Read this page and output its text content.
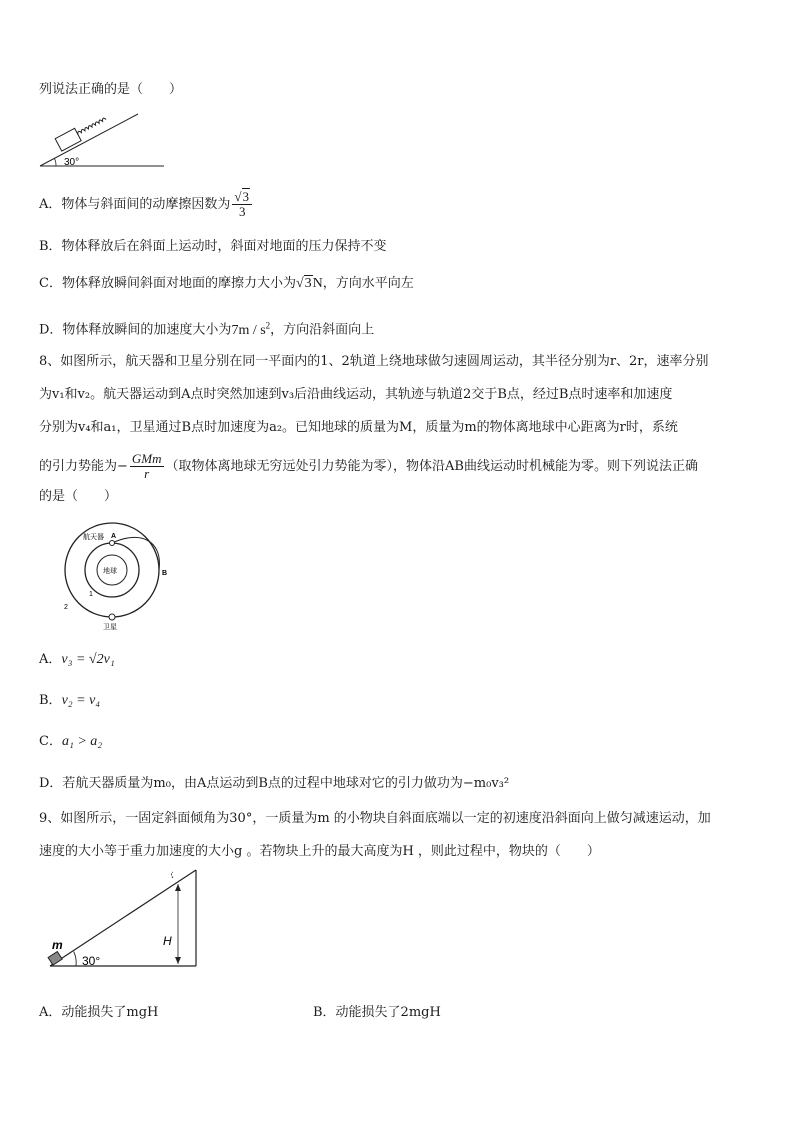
列说法正确的是（　　）
30°
A．物体与斜面间的动摩擦因数为 $\frac{√3}{3}$
B．物体释放后在斜面上运动时，斜面对地面的压力保持不变
C．物体释放瞬间斜面对地面的摩擦力大小为√3N，方向水平向左
D．物体释放瞬间的加速度大小为$7m / s^2$，方向沿斜面向上
8、如图所示，航天器和卫星分别在同一平面内的1、2轨道上绕地球做匀速圆周运动，其半径分别为r、2r，速率分别
为v₁和v₂。航天器运动到A点时突然加速到v₃后沿曲线运动，其轨迹与轨道2交于B点，经过B点时速率和加速度
分别为v₄和a₁，卫星通过B点时加速度为a₂。已知地球的质量为M，质量为m的物体离地球中心距离为r时，系统
的引力势能为− $\frac{\text{GMm}}{r}$ （取物体离地球无穷远处引力势能为零），物体沿AB曲线运动时机械能为零。则下列说法正确
的是（　　）
航天器 A
地球	B
1
2
卫星
A．v₃ = √2v₁
B．v₂ = v₄
C．a₁ > a₂
D．若航天器质量为m₀，由A点运动到B点的过程中地球对它的引力做功为−m₀v₃²
9、如图所示，一固定斜面倾角为30°，一质量为m 的小物块自斜面底端以一定的初速度沿斜面向上做匀减速运动，加
速度的大小等于重力加速度的大小g 。若物块上升的最大高度为H ，则此过程中，物块的（　　）
m
30°
H
A．动能损失了mgH	B．动能损失了2mgH
